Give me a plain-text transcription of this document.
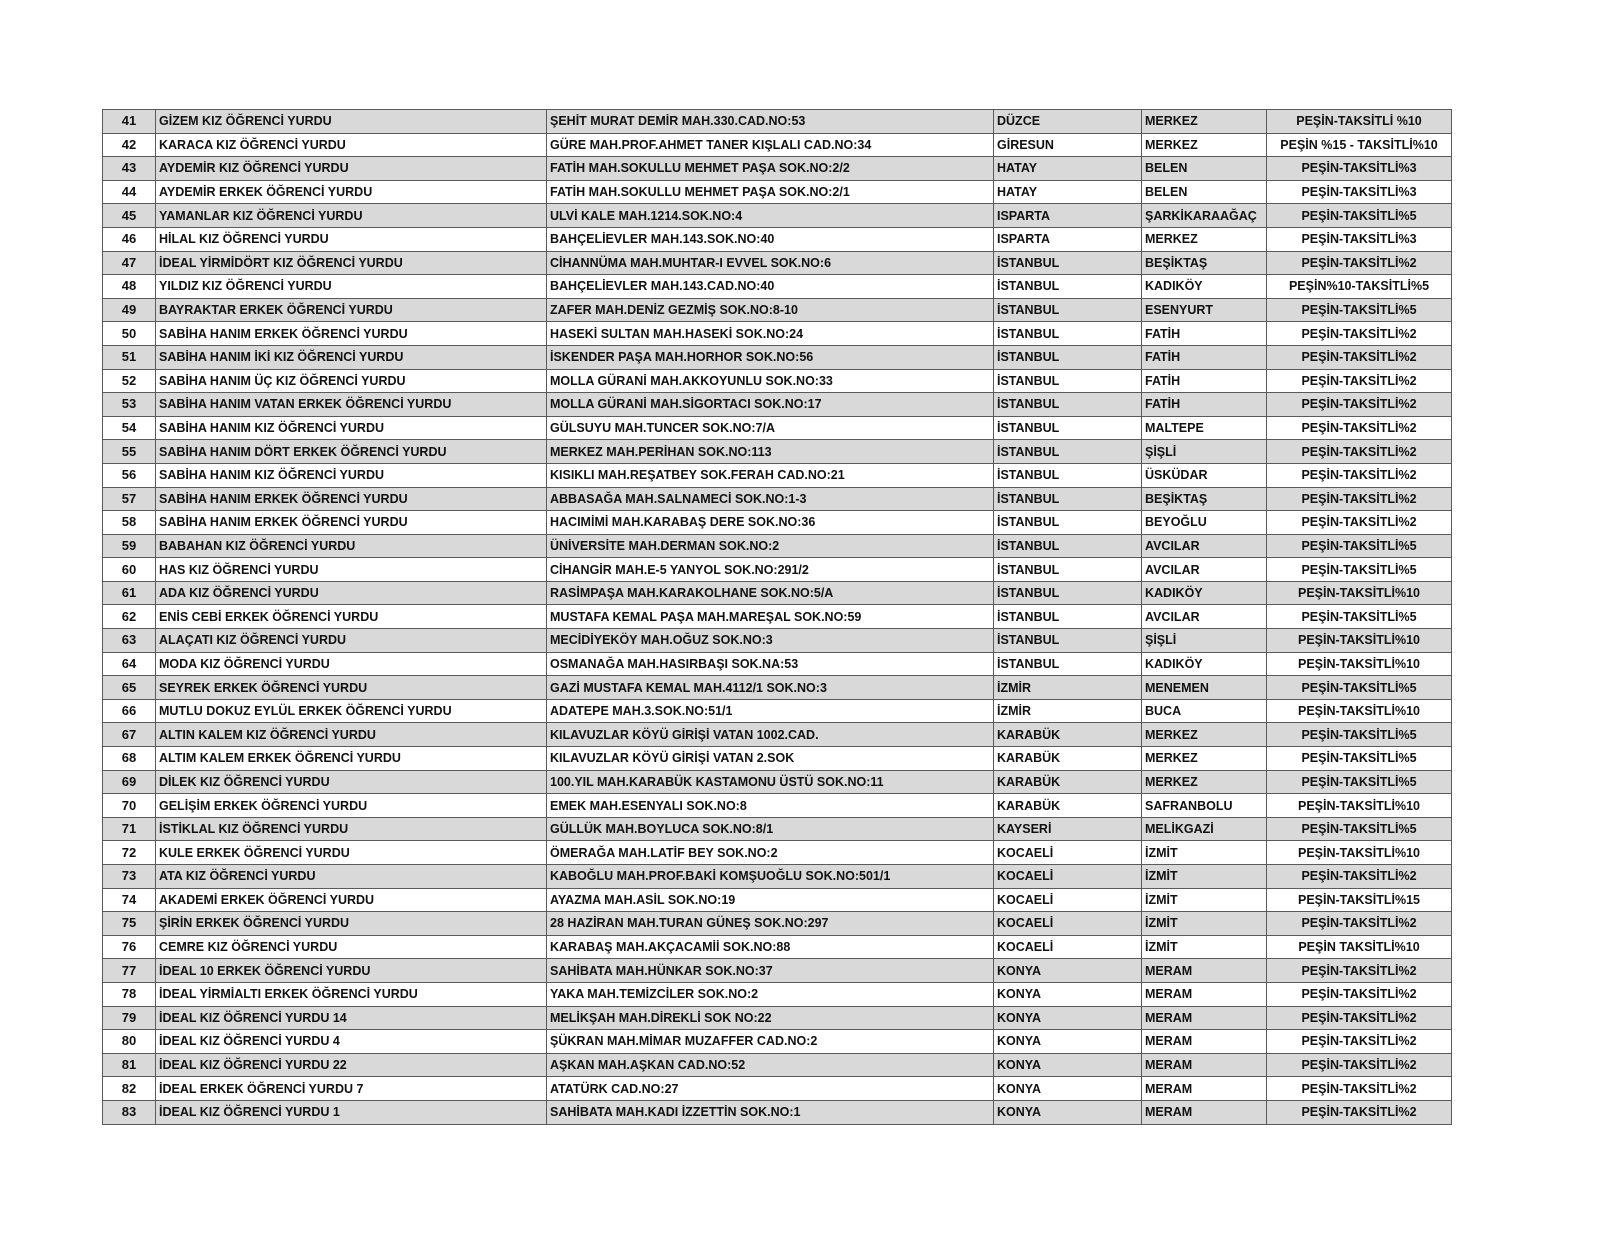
41	GİZEM KIZ ÖĞRENCİ YURDU	ŞEHİT MURAT DEMİR MAH.330.CAD.NO:53	DÜZCE	MERKEZ	PEŞİN-TAKSİTLİ %10
42	KARACA KIZ ÖĞRENCİ YURDU	GÜRE MAH.PROF.AHMET TANER KIŞLALI CAD.NO:34	GİRESUN	MERKEZ	PEŞİN %15 - TAKSİTLİ%10
43	AYDEMİR KIZ ÖĞRENCİ YURDU	FATİH MAH.SOKULLU MEHMET PAŞA SOK.NO:2/2	HATAY	BELEN	PEŞİN-TAKSİTLİ%3
44	AYDEMİR ERKEK ÖĞRENCİ YURDU	FATİH MAH.SOKULLU MEHMET PAŞA SOK.NO:2/1	HATAY	BELEN	PEŞİN-TAKSİTLİ%3
45	YAMANLAR KIZ ÖĞRENCİ YURDU	ULVİ KALE MAH.1214.SOK.NO:4	ISPARTA	ŞARKİKARAAĞAÇ	PEŞİN-TAKSİTLİ%5
46	HİLAL KIZ ÖĞRENCİ YURDU	BAHÇELİEVLER MAH.143.SOK.NO:40	ISPARTA	MERKEZ	PEŞİN-TAKSİTLİ%3
47	İDEAL YİRMİDÖRT KIZ ÖĞRENCİ YURDU	CİHANNÜMA MAH.MUHTAR-I EVVEL SOK.NO:6	İSTANBUL	BEŞİKTAŞ	PEŞİN-TAKSİTLİ%2
48	YILDIZ KIZ ÖĞRENCİ YURDU	BAHÇELİEVLER MAH.143.CAD.NO:40	İSTANBUL	KADIKÖY	PEŞİN%10-TAKSİTLİ%5
49	BAYRAKTAR ERKEK ÖĞRENCİ YURDU	ZAFER MAH.DENİZ GEZMİŞ SOK.NO:8-10	İSTANBUL	ESENYURT	PEŞİN-TAKSİTLİ%5
50	SABİHA HANIM ERKEK ÖĞRENCİ YURDU	HASEKİ SULTAN MAH.HASEKİ SOK.NO:24	İSTANBUL	FATİH	PEŞİN-TAKSİTLİ%2
51	SABİHA HANIM İKİ KIZ ÖĞRENCİ YURDU	İSKENDER PAŞA MAH.HORHOR SOK.NO:56	İSTANBUL	FATİH	PEŞİN-TAKSİTLİ%2
52	SABİHA HANIM ÜÇ KIZ ÖĞRENCİ YURDU	MOLLA GÜRANİ MAH.AKKOYUNLU SOK.NO:33	İSTANBUL	FATİH	PEŞİN-TAKSİTLİ%2
53	SABİHA HANIM VATAN ERKEK ÖĞRENCİ YURDU	MOLLA GÜRANİ MAH.SİGORTACI SOK.NO:17	İSTANBUL	FATİH	PEŞİN-TAKSİTLİ%2
54	SABİHA HANIM KIZ ÖĞRENCİ YURDU	GÜLSUYU MAH.TUNCER SOK.NO:7/A	İSTANBUL	MALTEPE	PEŞİN-TAKSİTLİ%2
55	SABİHA HANIM DÖRT ERKEK ÖĞRENCİ YURDU	MERKEZ MAH.PERİHAN SOK.NO:113	İSTANBUL	ŞİŞLİ	PEŞİN-TAKSİTLİ%2
56	SABİHA HANIM KIZ ÖĞRENCİ YURDU	KISIKLI MAH.REŞATBEY SOK.FERAH CAD.NO:21	İSTANBUL	ÜSKÜDAR	PEŞİN-TAKSİTLİ%2
57	SABİHA HANIM ERKEK ÖĞRENCİ YURDU	ABBASAĞA MAH.SALNAMECİ SOK.NO:1-3	İSTANBUL	BEŞİKTAŞ	PEŞİN-TAKSİTLİ%2
58	SABİHA HANIM ERKEK ÖĞRENCİ YURDU	HACIMİMİ MAH.KARABAŞ DERE SOK.NO:36	İSTANBUL	BEYOĞLU	PEŞİN-TAKSİTLİ%2
59	BABAHAN KIZ ÖĞRENCİ YURDU	ÜNİVERSİTE MAH.DERMAN SOK.NO:2	İSTANBUL	AVCILAR	PEŞİN-TAKSİTLİ%5
60	HAS KIZ ÖĞRENCİ YURDU	CİHANGİR MAH.E-5 YANYOL SOK.NO:291/2	İSTANBUL	AVCILAR	PEŞİN-TAKSİTLİ%5
61	ADA KIZ ÖĞRENCİ YURDU	RASİMPAŞA MAH.KARAKOLHANE SOK.NO:5/A	İSTANBUL	KADIKÖY	PEŞİN-TAKSİTLİ%10
62	ENİS CEBİ ERKEK ÖĞRENCİ YURDU	MUSTAFA KEMAL PAŞA MAH.MAREŞAL SOK.NO:59	İSTANBUL	AVCILAR	PEŞİN-TAKSİTLİ%5
63	ALAÇATI KIZ ÖĞRENCİ YURDU	MECİDİYEKÖY MAH.OĞUZ SOK.NO:3	İSTANBUL	ŞİŞLİ	PEŞİN-TAKSİTLİ%10
64	MODA KIZ ÖĞRENCİ YURDU	OSMANAĞA MAH.HASIRBAŞI SOK.NA:53	İSTANBUL	KADIKÖY	PEŞİN-TAKSİTLİ%10
65	SEYREK ERKEK ÖĞRENCİ YURDU	GAZİ MUSTAFA KEMAL MAH.4112/1 SOK.NO:3	İZMİR	MENEMEN	PEŞİN-TAKSİTLİ%5
66	MUTLU DOKUZ EYLÜL ERKEK ÖĞRENCİ YURDU	ADATEPE MAH.3.SOK.NO:51/1	İZMİR	BUCA	PEŞİN-TAKSİTLİ%10
67	ALTIN KALEM KIZ ÖĞRENCİ YURDU	KILAVUZLAR KÖYÜ GİRİŞİ VATAN 1002.CAD.	KARABÜK	MERKEZ	PEŞİN-TAKSİTLİ%5
68	ALTIM KALEM ERKEK ÖĞRENCİ YURDU	KILAVUZLAR KÖYÜ GİRİŞİ VATAN 2.SOK	KARABÜK	MERKEZ	PEŞİN-TAKSİTLİ%5
69	DİLEK KIZ ÖĞRENCİ YURDU	100.YIL MAH.KARABÜK KASTAMONU ÜSTÜ SOK.NO:11	KARABÜK	MERKEZ	PEŞİN-TAKSİTLİ%5
70	GELİŞİM ERKEK ÖĞRENCİ YURDU	EMEK MAH.ESENYALI SOK.NO:8	KARABÜK	SAFRANBOLU	PEŞİN-TAKSİTLİ%10
71	İSTİKLAL KIZ ÖĞRENCİ YURDU	GÜLLÜK MAH.BOYLUCA SOK.NO:8/1	KAYSERİ	MELİKGAZİ	PEŞİN-TAKSİTLİ%5
72	KULE ERKEK ÖĞRENCİ YURDU	ÖMERAĞA MAH.LATİF BEY SOK.NO:2	KOCAELİ	İZMİT	PEŞİN-TAKSİTLİ%10
73	ATA KIZ ÖĞRENCİ YURDU	KABOĞLU MAH.PROF.BAKİ KOMŞUOĞLU SOK.NO:501/1	KOCAELİ	İZMİT	PEŞİN-TAKSİTLİ%2
74	AKADEMİ ERKEK ÖĞRENCİ YURDU	AYAZMA MAH.ASİL SOK.NO:19	KOCAELİ	İZMİT	PEŞİN-TAKSİTLİ%15
75	ŞİRİN ERKEK ÖĞRENCİ YURDU	28 HAZİRAN MAH.TURAN GÜNEŞ SOK.NO:297	KOCAELİ	İZMİT	PEŞİN-TAKSİTLİ%2
76	CEMRE KIZ ÖĞRENCİ YURDU	KARABAŞ MAH.AKÇACAMİİ SOK.NO:88	KOCAELİ	İZMİT	PEŞİN TAKSİTLİ%10
77	İDEAL 10 ERKEK ÖĞRENCİ YURDU	SAHİBATA MAH.HÜNKAR SOK.NO:37	KONYA	MERAM	PEŞİN-TAKSİTLİ%2
78	İDEAL YİRMİALTI ERKEK ÖĞRENCİ YURDU	YAKA MAH.TEMİZCİLER SOK.NO:2	KONYA	MERAM	PEŞİN-TAKSİTLİ%2
79	İDEAL KIZ ÖĞRENCİ YURDU 14	MELİKŞAH MAH.DİREKLİ SOK NO:22	KONYA	MERAM	PEŞİN-TAKSİTLİ%2
80	İDEAL KIZ ÖĞRENCİ YURDU 4	ŞÜKRAN MAH.MİMAR MUZAFFER CAD.NO:2	KONYA	MERAM	PEŞİN-TAKSİTLİ%2
81	İDEAL KIZ ÖĞRENCİ YURDU 22	AŞKAN MAH.AŞKAN CAD.NO:52	KONYA	MERAM	PEŞİN-TAKSİTLİ%2
82	İDEAL ERKEK ÖĞRENCİ YURDU 7	ATATÜRK CAD.NO:27	KONYA	MERAM	PEŞİN-TAKSİTLİ%2
83	İDEAL KIZ ÖĞRENCİ YURDU 1	SAHİBATA MAH.KADI İZZETTİN SOK.NO:1	KONYA	MERAM	PEŞİN-TAKSİTLİ%2
